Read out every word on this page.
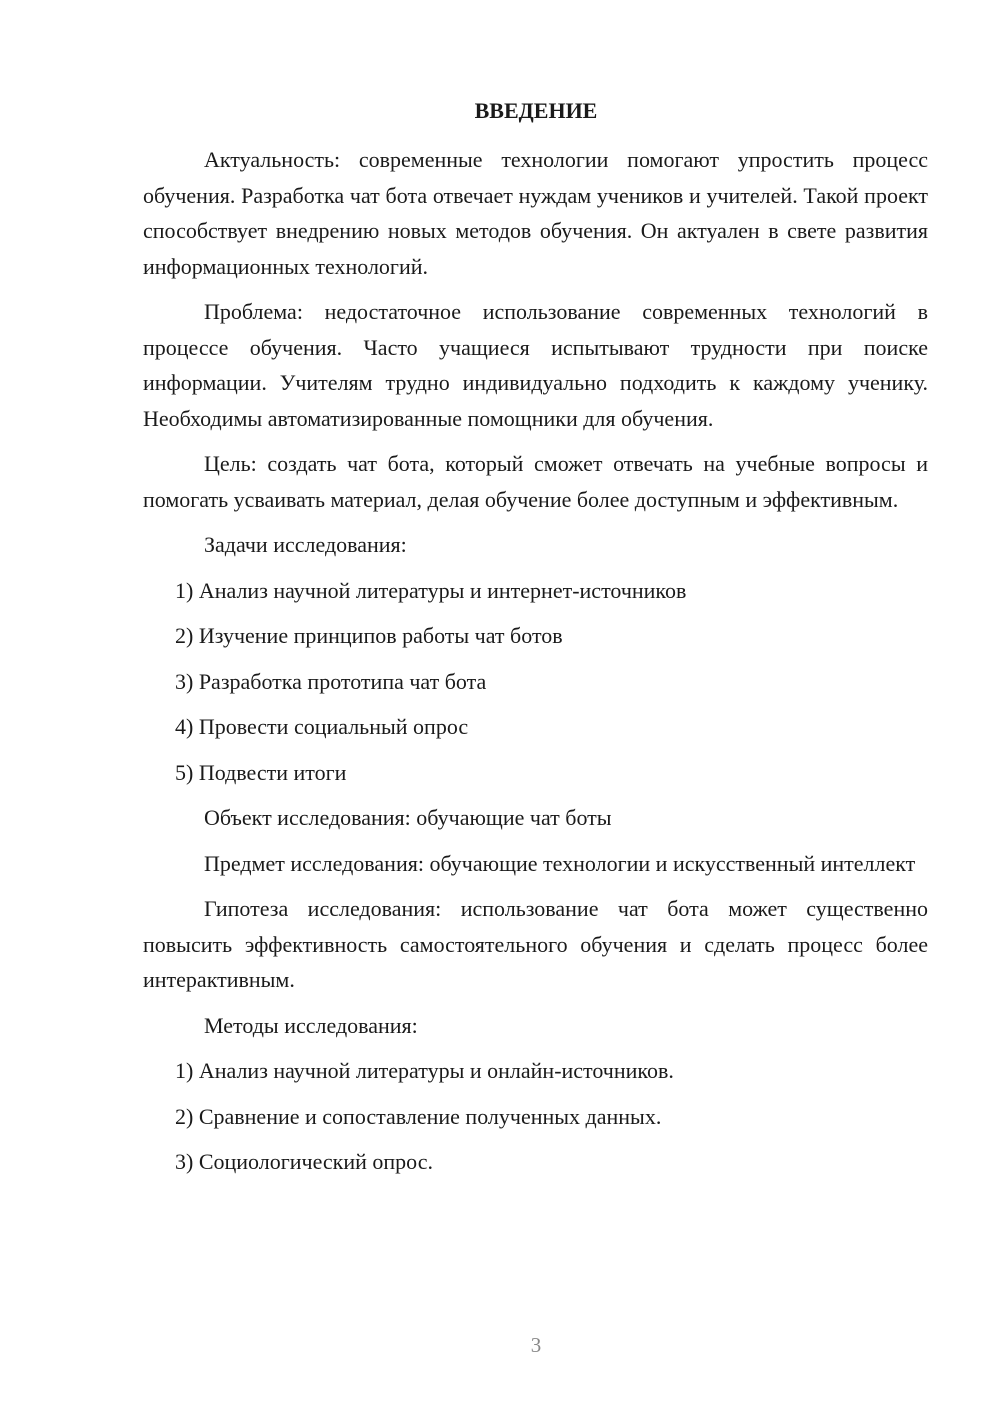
ВВЕДЕНИЕ

Актуальность: современные технологии помогают упростить процесс обучения. Разработка чат бота отвечает нуждам учеников и учителей. Такой проект способствует внедрению новых методов обучения. Он актуален в свете развития информационных технологий.

Проблема: недостаточное использование современных технологий в процессе обучения. Часто учащиеся испытывают трудности при поиске информации. Учителям трудно индивидуально подходить к каждому ученику. Необходимы автоматизированные помощники для обучения.

Цель: создать чат бота, который сможет отвечать на учебные вопросы и помогать усваивать материал, делая обучение более доступным и эффективным.

Задачи исследования:

1) Анализ научной литературы и интернет-источников

2) Изучение принципов работы чат ботов

3) Разработка прототипа чат бота

4) Провести социальный опрос

5) Подвести итоги

Объект исследования: обучающие чат боты

Предмет исследования: обучающие технологии и искусственный интеллект

Гипотеза исследования: использование чат бота может существенно повысить эффективность самостоятельного обучения и сделать процесс более интерактивным.

Методы исследования:

1) Анализ научной литературы и онлайн-источников.

2) Сравнение и сопоставление полученных данных.

3) Социологический опрос.

3
